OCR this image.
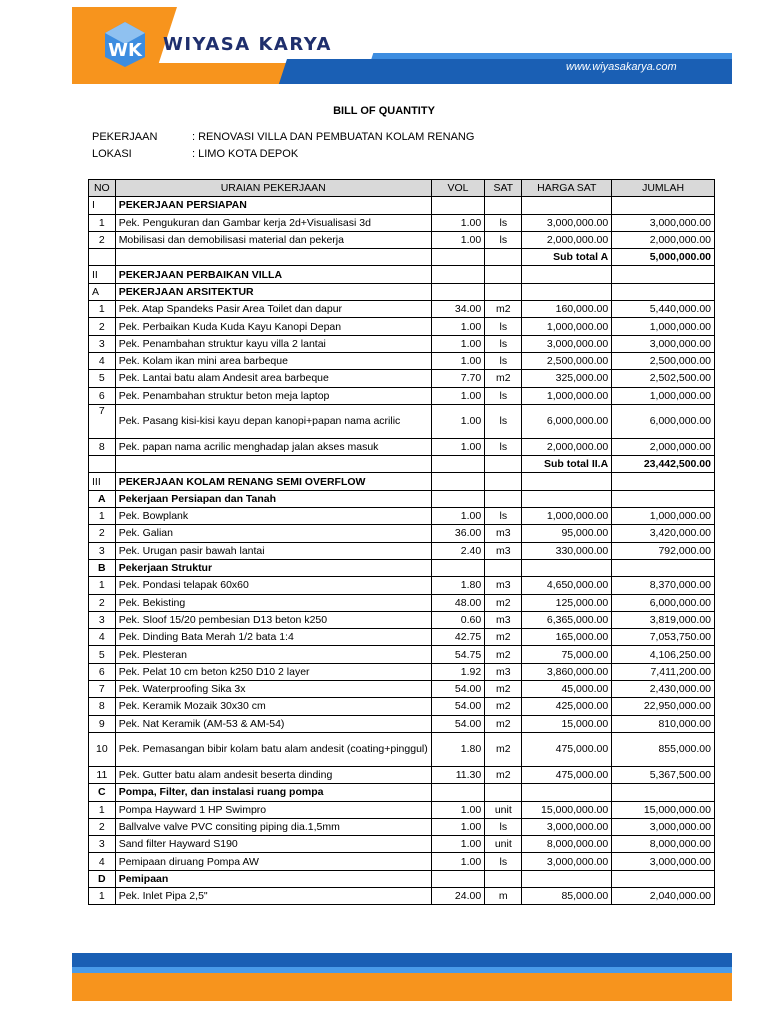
WK WIYASA KARYA
www.wiyasakarya.com
BILL OF QUANTITY
PEKERJAAN	: RENOVASI VILLA DAN PEMBUATAN KOLAM RENANG
LOKASI	: LIMO KOTA DEPOK
NO	URAIAN PEKERJAAN	VOL	SAT	HARGA SAT	JUMLAH
I	PEKERJAAN PERSIAPAN				
1	Pek. Pengukuran dan Gambar kerja 2d+Visualisasi 3d	1.00	ls	3,000,000.00	3,000,000.00
2	Mobilisasi dan demobilisasi material dan pekerja	1.00	ls	2,000,000.00	2,000,000.00
				Sub total A	5,000,000.00
II	PEKERJAAN PERBAIKAN VILLA				
A	PEKERJAAN ARSITEKTUR				
1	Pek. Atap Spandeks Pasir Area Toilet dan dapur	34.00	m2	160,000.00	5,440,000.00
2	Pek. Perbaikan Kuda Kuda Kayu Kanopi Depan	1.00	ls	1,000,000.00	1,000,000.00
3	Pek. Penambahan struktur kayu villa 2 lantai	1.00	ls	3,000,000.00	3,000,000.00
4	Pek. Kolam ikan mini area barbeque	1.00	ls	2,500,000.00	2,500,000.00
5	Pek. Lantai batu alam Andesit area barbeque	7.70	m2	325,000.00	2,502,500.00
6	Pek. Penambahan struktur beton meja laptop	1.00	ls	1,000,000.00	1,000,000.00
7	Pek. Pasang kisi-kisi kayu depan kanopi+papan nama acrilic	1.00	ls	6,000,000.00	6,000,000.00
8	Pek. papan nama acrilic menghadap jalan akses masuk	1.00	ls	2,000,000.00	2,000,000.00
				Sub total II.A	23,442,500.00
III	PEKERJAAN KOLAM RENANG SEMI OVERFLOW				
A	Pekerjaan Persiapan dan Tanah				
1	Pek. Bowplank	1.00	ls	1,000,000.00	1,000,000.00
2	Pek. Galian	36.00	m3	95,000.00	3,420,000.00
3	Pek. Urugan pasir bawah lantai	2.40	m3	330,000.00	792,000.00
B	Pekerjaan Struktur				
1	Pek. Pondasi telapak 60x60	1.80	m3	4,650,000.00	8,370,000.00
2	Pek. Bekisting	48.00	m2	125,000.00	6,000,000.00
3	Pek. Sloof 15/20 pembesian D13 beton k250	0.60	m3	6,365,000.00	3,819,000.00
4	Pek. Dinding Bata Merah 1/2 bata 1:4	42.75	m2	165,000.00	7,053,750.00
5	Pek. Plesteran	54.75	m2	75,000.00	4,106,250.00
6	Pek. Pelat 10 cm beton k250 D10 2 layer	1.92	m3	3,860,000.00	7,411,200.00
7	Pek. Waterproofing Sika 3x	54.00	m2	45,000.00	2,430,000.00
8	Pek. Keramik Mozaik 30x30 cm	54.00	m2	425,000.00	22,950,000.00
9	Pek. Nat Keramik (AM-53 & AM-54)	54.00	m2	15,000.00	810,000.00
10	Pek. Pemasangan bibir kolam batu alam andesit (coating+pinggul)	1.80	m2	475,000.00	855,000.00
11	Pek. Gutter batu alam andesit beserta dinding	11.30	m2	475,000.00	5,367,500.00
C	Pompa, Filter, dan instalasi ruang pompa				
1	Pompa Hayward 1 HP Swimpro	1.00	unit	15,000,000.00	15,000,000.00
2	Ballvalve valve PVC consiting piping dia.1,5mm	1.00	ls	3,000,000.00	3,000,000.00
3	Sand filter Hayward S190	1.00	unit	8,000,000.00	8,000,000.00
4	Pemipaan diruang Pompa AW	1.00	ls	3,000,000.00	3,000,000.00
D	Pemipaan				
1	Pek. Inlet Pipa 2,5"	24.00	m	85,000.00	2,040,000.00
